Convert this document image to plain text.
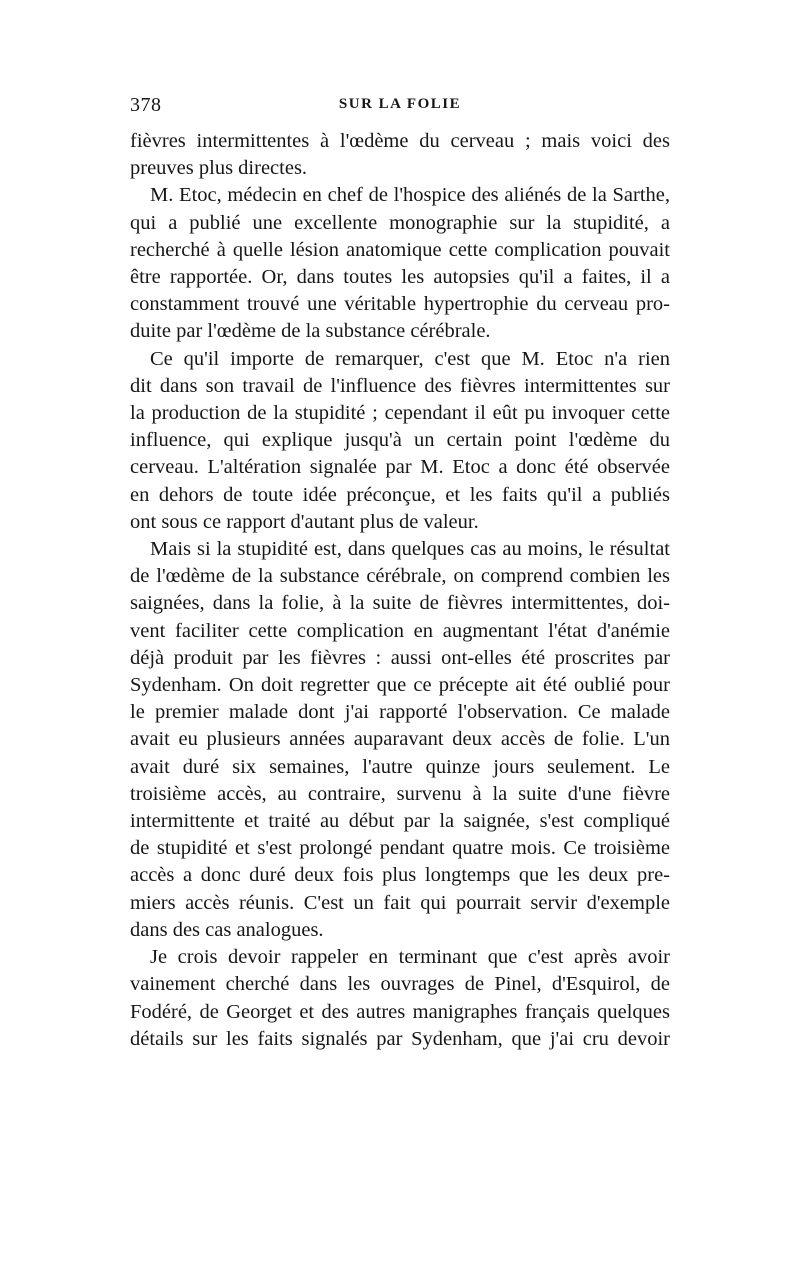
378	SUR LA FOLIE

fièvres intermittentes à l'œdème du cerveau ; mais voici des

preuves plus directes.

M. Etoc, médecin en chef de l'hospice des aliénés de la Sarthe,

qui a publié une excellente monographie sur la stupidité, a

recherché à quelle lésion anatomique cette complication pouvait

être rapportée. Or, dans toutes les autopsies qu'il a faites, il a

constamment trouvé une véritable hypertrophie du cerveau pro-

duite par l'œdème de la substance cérébrale.

Ce qu'il importe de remarquer, c'est que M. Etoc n'a rien

dit dans son travail de l'influence des fièvres intermittentes sur

la production de la stupidité ; cependant il eût pu invoquer cette

influence, qui explique jusqu'à un certain point l'œdème du

cerveau. L'altération signalée par M. Etoc a donc été observée

en dehors de toute idée préconçue, et les faits qu'il a publiés

ont sous ce rapport d'autant plus de valeur.

Mais si la stupidité est, dans quelques cas au moins, le résultat

de l'œdème de la substance cérébrale, on comprend combien les

saignées, dans la folie, à la suite de fièvres intermittentes, doi-

vent faciliter cette complication en augmentant l'état d'anémie

déjà produit par les fièvres : aussi ont-elles été proscrites par

Sydenham. On doit regretter que ce précepte ait été oublié pour

le premier malade dont j'ai rapporté l'observation. Ce malade

avait eu plusieurs années auparavant deux accès de folie. L'un

avait duré six semaines, l'autre quinze jours seulement. Le

troisième accès, au contraire, survenu à la suite d'une fièvre

intermittente et traité au début par la saignée, s'est compliqué

de stupidité et s'est prolongé pendant quatre mois. Ce troisième

accès a donc duré deux fois plus longtemps que les deux pre-

miers accès réunis. C'est un fait qui pourrait servir d'exemple

dans des cas analogues.

Je crois devoir rappeler en terminant que c'est après avoir

vainement cherché dans les ouvrages de Pinel, d'Esquirol, de

Fodéré, de Georget et des autres manigraphes français quelques

détails sur les faits signalés par Sydenham, que j'ai cru devoir
